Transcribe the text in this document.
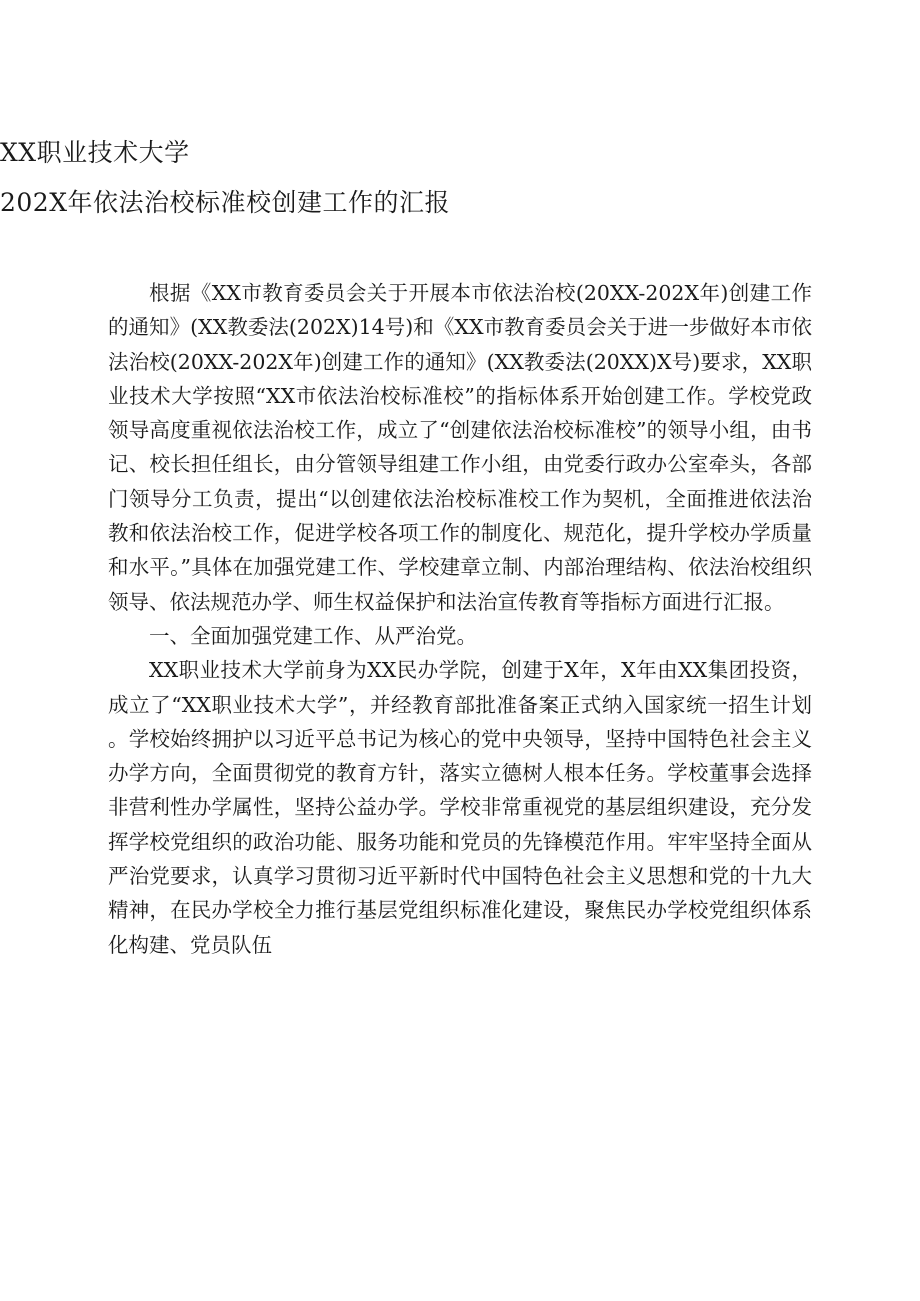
XX职业技术大学
202X年依法治校标准校创建工作的汇报

根据《XX市教育委员会关于开展本市依法治校(20XX-202X年)创建工作的通知》(XX教委法(202X)14号)和《XX市教育委员会关于进一步做好本市依法治校(20XX-202X年)创建工作的通知》(XX教委法(20XX)X号)要求，XX职业技术大学按照“XX市依法治校标准校”的指标体系开始创建工作。学校党政领导高度重视依法治校工作，成立了“创建依法治校标准校”的领导小组，由书记、校长担任组长，由分管领导组建工作小组，由党委行政办公室牵头，各部门领导分工负责，提出“以创建依法治校标准校工作为契机，全面推进依法治教和依法治校工作，促进学校各项工作的制度化、规范化，提升学校办学质量和水平。”具体在加强党建工作、学校建章立制、内部治理结构、依法治校组织领导、依法规范办学、师生权益保护和法治宣传教育等指标方面进行汇报。

一、全面加强党建工作、从严治党。

XX职业技术大学前身为XX民办学院，创建于X年，X年由XX集团投资，成立了“XX职业技术大学”，并经教育部批准备案正式纳入国家统一招生计划。学校始终拥护以习近平总书记为核心的党中央领导，坚持中国特色社会主义办学方向，全面贯彻党的教育方针，落实立德树人根本任务。学校董事会选择非营利性办学属性，坚持公益办学。学校非常重视党的基层组织建设，充分发挥学校党组织的政治功能、服务功能和党员的先锋模范作用。牢牢坚持全面从严治党要求，认真学习贯彻习近平新时代中国特色社会主义思想和党的十九大精神，在民办学校全力推行基层党组织标准化建设，聚焦民办学校党组织体系化构建、党员队伍
